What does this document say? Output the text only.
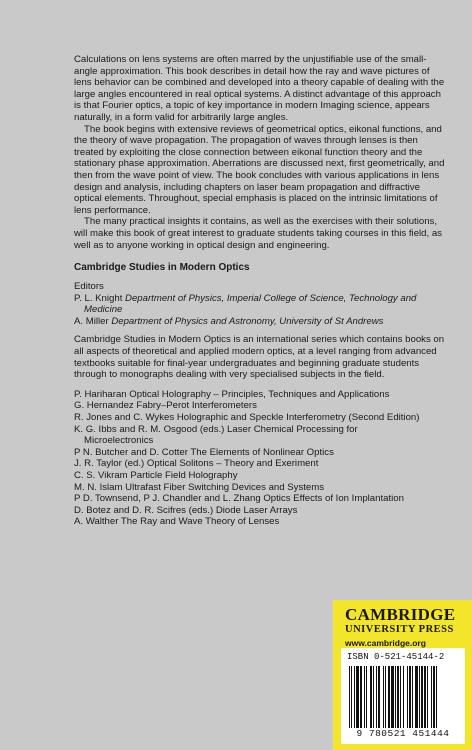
Calculations on lens systems are often marred by the unjustifiable use of the small-angle approximation. This book describes in detail how the ray and wave pictures of lens behavior can be combined and developed into a theory capable of dealing with the large angles encountered in real optical systems. A distinct advantage of this approach is that Fourier optics, a topic of key importance in modern Imaging science, appears naturally, in a form valid for arbitrarily large angles.

The book begins with extensive reviews of geometrical optics, eikonal functions, and the theory of wave propagation. The propagation of waves through lenses is then treated by exploiting the close connection between eikonal function theory and the stationary phase approximation. Aberrations are discussed next, first geometrically, and then from the wave point of view. The book concludes with various applications in lens design and analysis, including chapters on laser beam propagation and diffractive optical elements. Throughout, special emphasis is placed on the intrinsic limitations of lens performance.

The many practical insights it contains, as well as the exercises with their solutions, will make this book of great interest to graduate students taking courses in this field, as well as to anyone working in optical design and engineering.

Cambridge Studies in Modern Optics
Editors
P. L. Knight Department of Physics, Imperial College of Science, Technology and
Medicine
A. Miller Department of Physics and Astronomy, University of St Andrews

Cambridge Studies in Modern Optics is an international series which contains books on all aspects of theoretical and applied modern optics, at a level ranging from advanced textbooks suitable for final-year undergraduates and beginning graduate students through to monographs dealing with very specialised subjects in the field.

P. Hariharan Optical Holography – Principles, Techniques and Applications
G. Hernandez Fabry–Perot Interferometers
R. Jones and C. Wykes Holographic and Speckle Interferometry (Second Edition)
K. G. Ibbs and R. M. Osgood (eds.) Laser Chemical Processing for
Microelectronics
P N. Butcher and D. Cotter The Elements of Nonlinear Optics
J. R. Taylor (ed.) Optical Solitons – Theory and Exeriment
C. S. Vikram Particle Field Holography
M. N. Islam Ultrafast Fiber Switching Devices and Systems
P D. Townsend, P J. Chandler and L. Zhang Optics Effects of Ion Implantation
D. Botez and D. R. Scifres (eds.) Diode Laser Arrays
A. Walther The Ray and Wave Theory of Lenses
CAMBRIDGE
UNIVERSITY PRESS
www.cambridge.org
ISBN 0-521-45144-2
9 780521 451444
